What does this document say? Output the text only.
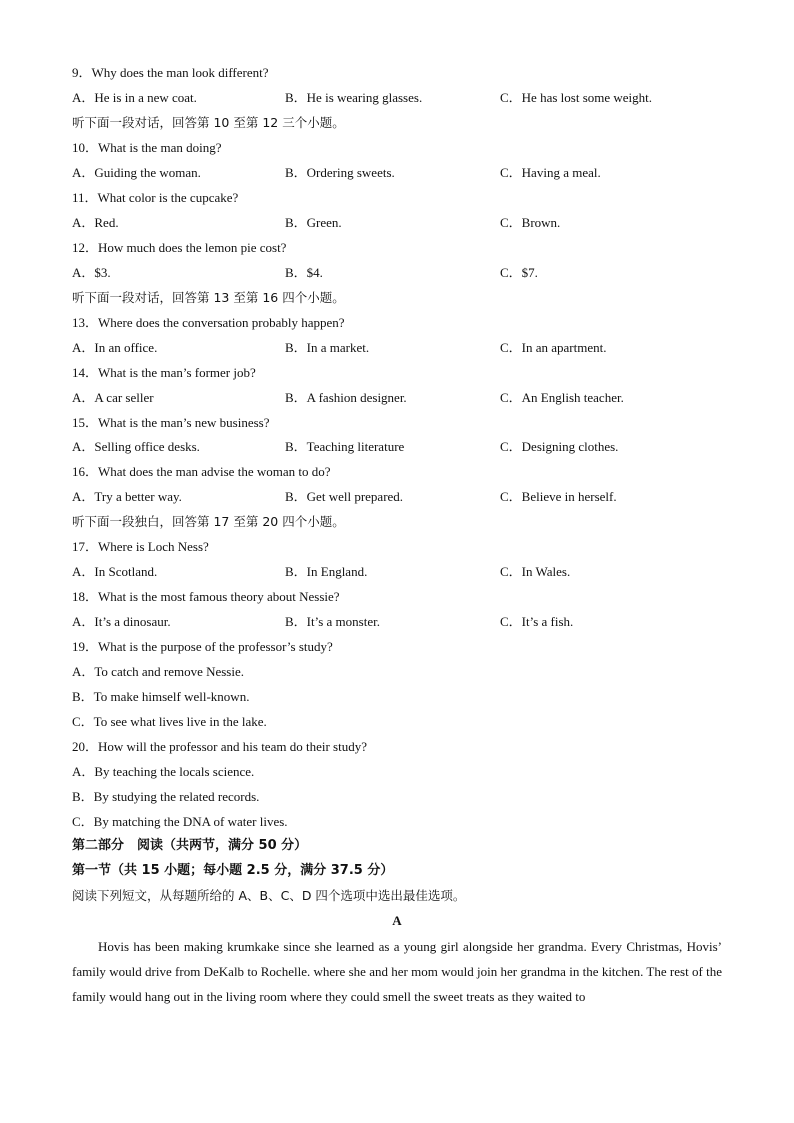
9．Why does the man look different?
A．He is in a new coat.	B．He is wearing glasses.	C．He has lost some weight.
听下面一段对话，回答第 10 至第 12 三个小题。
10．What is the man doing?
A．Guiding the woman.	B．Ordering sweets.	C．Having a meal.
11．What color is the cupcake?
A．Red.	B．Green.	C．Brown.
12．How much does the lemon pie cost?
A．$3.	B．$4.	C．$7.
听下面一段对话，回答第 13 至第 16 四个小题。
13．Where does the conversation probably happen?
A．In an office.	B．In a market.	C．In an apartment.
14．What is the man’s former job?
A．A car seller	B．A fashion designer.	C．An English teacher.
15．What is the man’s new business?
A．Selling office desks.	B．Teaching literature	C．Designing clothes.
16．What does the man advise the woman to do?
A．Try a better way.	B．Get well prepared.	C．Believe in herself.
听下面一段独白，回答第 17 至第 20 四个小题。
17．Where is Loch Ness?
A．In Scotland.	B．In England.	C．In Wales.
18．What is the most famous theory about Nessie?
A．It’s a dinosaur.	B．It’s a monster.	C．It’s a fish.
19．What is the purpose of the professor’s study?
A．To catch and remove Nessie.
B．To make himself well-known.
C．To see what lives live in the lake.
20．How will the professor and his team do their study?
A．By teaching the locals science.
B．By studying the related records.
C．By matching the DNA of water lives.
第二部分　阅读（共两节，满分 50 分）
第一节（共 15 小题；每小题 2.5 分，满分 37.5 分）
阅读下列短文，从每题所给的 A、B、C、D 四个选项中选出最佳选项。
A
Hovis has been making krumkake since she learned as a young girl alongside her grandma. Every Christmas, Hovis’ family would drive from DeKalb to Rochelle. where she and her mom would join her grandma in the kitchen. The rest of the family would hang out in the living room where they could smell the sweet treats as they waited to
